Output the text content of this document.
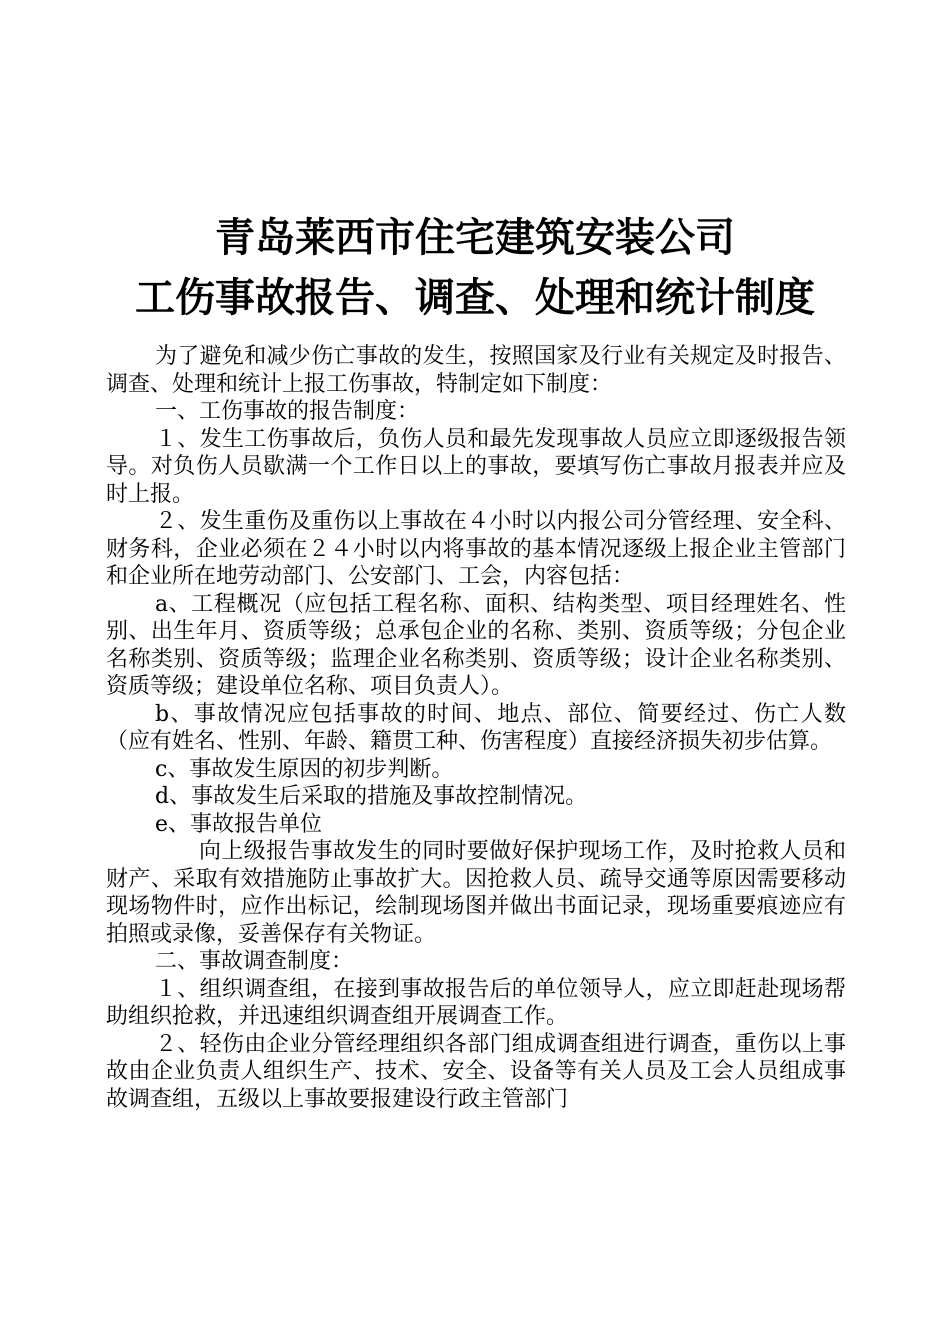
青岛莱西市住宅建筑安装公司
工伤事故报告、调查、处理和统计制度

为了避免和减少伤亡事故的发生，按照国家及行业有关规定及时报告、调查、处理和统计上报工伤事故，特制定如下制度：

一、工伤事故的报告制度：

１、发生工伤事故后，负伤人员和最先发现事故人员应立即逐级报告领导。对负伤人员歇满一个工作日以上的事故，要填写伤亡事故月报表并应及时上报。

２、发生重伤及重伤以上事故在４小时以内报公司分管经理、安全科、财务科，企业必须在２４小时以内将事故的基本情况逐级上报企业主管部门和企业所在地劳动部门、公安部门、工会，内容包括：

a、工程概况（应包括工程名称、面积、结构类型、项目经理姓名、性别、出生年月、资质等级；总承包企业的名称、类别、资质等级；分包企业名称类别、资质等级；监理企业名称类别、资质等级；设计企业名称类别、资质等级；建设单位名称、项目负责人）。

b、事故情况应包括事故的时间、地点、部位、简要经过、伤亡人数（应有姓名、性别、年龄、籍贯工种、伤害程度）直接经济损失初步估算。

c、事故发生原因的初步判断。

d、事故发生后采取的措施及事故控制情况。

e、事故报告单位

向上级报告事故发生的同时要做好保护现场工作，及时抢救人员和财产、采取有效措施防止事故扩大。因抢救人员、疏导交通等原因需要移动现场物件时，应作出标记，绘制现场图并做出书面记录，现场重要痕迹应有拍照或录像，妥善保存有关物证。

二、事故调查制度：

１、组织调查组，在接到事故报告后的单位领导人，应立即赶赴现场帮助组织抢救，并迅速组织调查组开展调查工作。

２、轻伤由企业分管经理组织各部门组成调查组进行调查，重伤以上事故由企业负责人组织生产、技术、安全、设备等有关人员及工会人员组成事故调查组，五级以上事故要报建设行政主管部门
